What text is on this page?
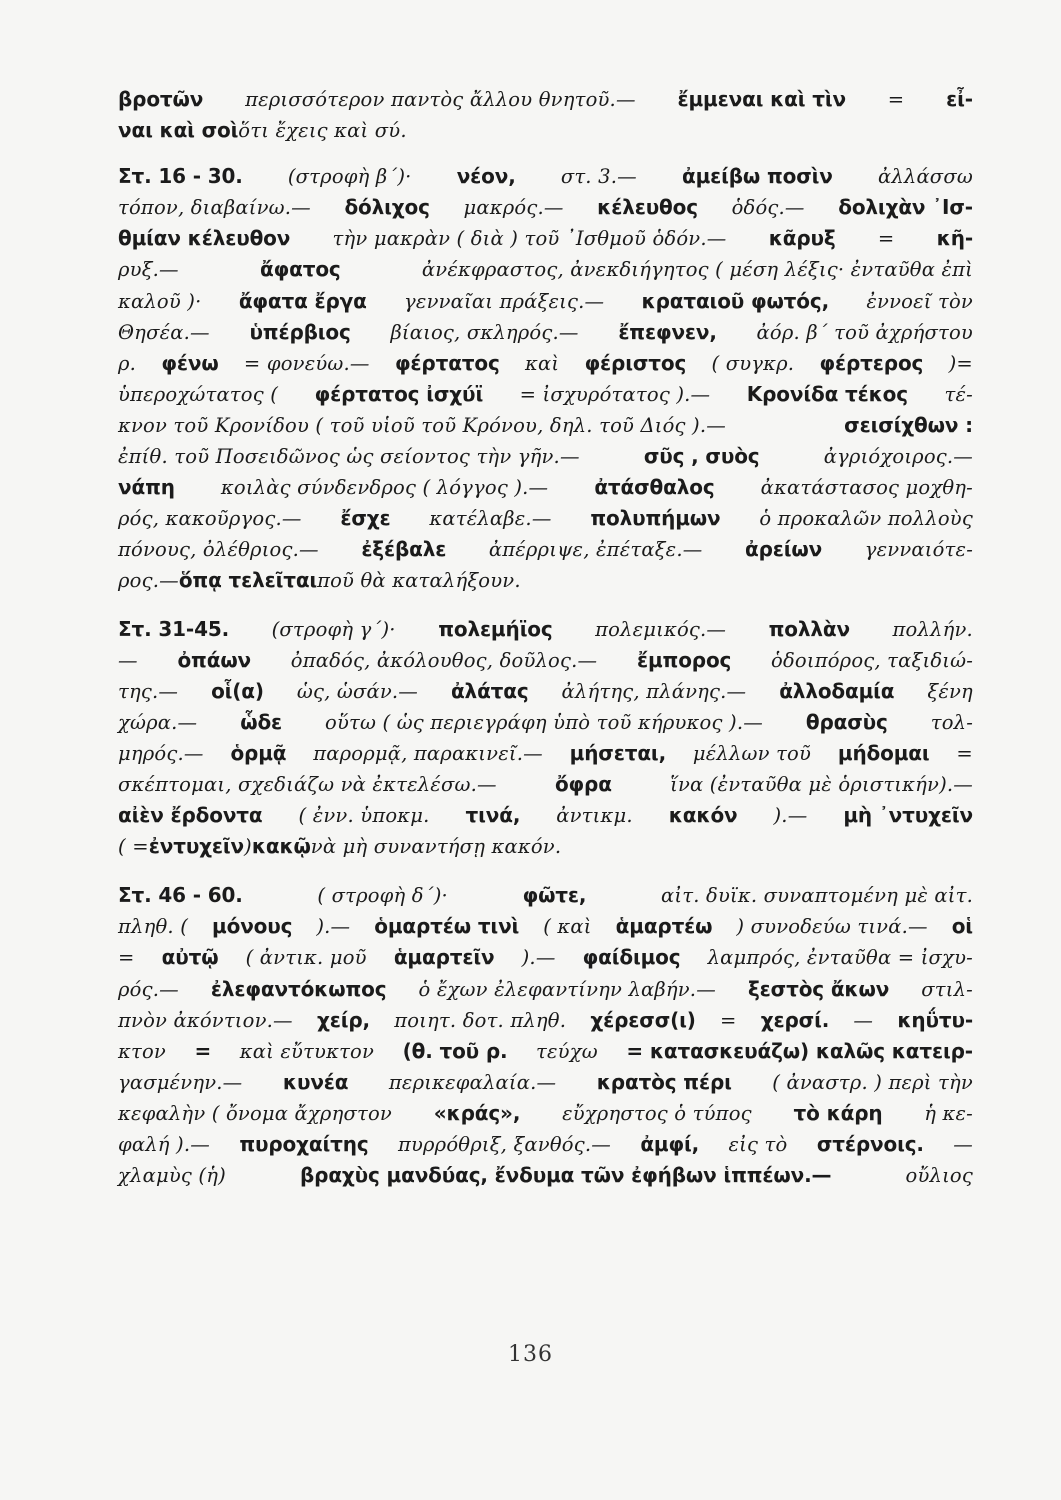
βροτῶν περισσότερον παντὸς ἄλλου θνητοῦ.— ἔμμεναι καὶ τὶν = εἶ-
ναι καὶ σοὶ ὅτι ἔχεις καὶ σύ.
Στ. 16 - 30. (στροφὴ β΄)· νέον, στ. 3.— ἀμείβω ποσὶν ἀλλάσσω
τόπον, διαβαίνω.— δόλιχος μακρός.— κέλευθος ὁδός.— δολιχὰν ᾽Ισ-
θμίαν κέλευθον τὴν μακρὰν ( διὰ ) τοῦ ᾽Ισθμοῦ ὁδόν.— κᾶρυξ = κῆ-
ρυξ.—	ἄφατος	ἀνέκφραστος, ἀνεκδιήγητος ( μέση λέξις· ἐνταῦθα ἐπὶ
καλοῦ )· ἄφατα ἔργα γενναῖαι πράξεις.— κραταιοῦ φωτός, ἐννοεῖ τὸν
Θησέα.— ὑπέρβιος βίαιος, σκληρός.— ἔπεφνεν, ἀόρ. β΄ τοῦ ἀχρήστου
ρ. φένω = φονεύω.— φέρτατος καὶ φέριστος ( συγκρ. φέρτερος )=
ὑπεροχώτατος ( φέρτατος ἰσχύϊ = ἰσχυρότατος ).— Κρονίδα τέκος τέ-
κνον τοῦ Κρονίδου ( τοῦ υἱοῦ τοῦ Κρόνου, δηλ. τοῦ Διός ).—	σεισίχθων :
ἐπίθ. τοῦ Ποσειδῶνος ὡς σείοντος τὴν γῆν.—	σῦς , συὸς	ἀγριόχοιρος.—
νάπη κοιλὰς σύνδενδρος ( λόγγος ).— ἀτάσθαλος ἀκατάστασος μοχθη-
ρός, κακοῦργος.— ἔσχε κατέλαβε.— πολυπήμων ὁ προκαλῶν πολλοὺς
πόνους, ὀλέθριος.— ἐξέβαλε ἀπέρριψε, ἐπέταξε.— ἀρείων γενναιότε-
ρος.— ὅπᾳ τελεῖται ποῦ θὰ καταλήξουν.
Στ. 31-45. (στροφὴ γ΄)· πολεμήϊος πολεμικός.— πολλὰν πολλήν.
— ὀπάων ὀπαδός, ἀκόλουθος, δοῦλος.— ἔμπορος ὁδοιπόρος, ταξιδιώ-
της.— οἷ(α) ὡς, ὡσάν.— ἀλάτας ἀλήτης, πλάνης.— ἀλλοδαμία ξένη
χώρα.— ὧδε οὕτω ( ὡς περιεγράφη ὑπὸ τοῦ κήρυκος ).— θρασὺς τολ-
μηρός.— ὁρμᾷ παρορμᾷ, παρακινεῖ.— μήσεται, μέλλων τοῦ μήδομαι =
σκέπτομαι, σχεδιάζω νὰ ἐκτελέσω.—	ὄφρα	ἵνα (ἐνταῦθα μὲ ὁριστικήν).—
αἰὲν ἔρδοντα ( ἐνν. ὑποκμ. τινά, ἀντικμ. κακόν ).— μὴ ᾽ντυχεῖν
( = ἐντυχεῖν ) κακῷ νὰ μὴ συναντήσῃ κακόν.
Στ. 46 - 60.	( στροφὴ δ΄)·	φῶτε,	αἰτ. δυϊκ. συναπτομένη μὲ αἰτ.
πληθ. ( μόνους ).— ὁμαρτέω τινὶ ( καὶ ἁμαρτέω ) συνοδεύω τινά.— οἱ
= αὐτῷ ( ἀντικ. μοῦ ἁμαρτεῖν ).— φαίδιμος λαμπρός, ἐνταῦθα = ἰσχυ-
ρός.— ἐλεφαντόκωπος ὁ ἔχων ἐλεφαντίνην λαβήν.— ξεστὸς ἄκων στιλ-
πνὸν ἀκόντιον.— χείρ, ποιητ. δοτ. πληθ. χέρεσσ(ι) = χερσί. — κηΰτυ-
κτον = καὶ εὔτυκτον (θ. τοῦ ρ. τεύχω = κατασκευάζω) καλῶς κατειρ-
γασμένην.— κυνέα περικεφαλαία.— κρατὸς πέρι ( ἀναστρ. ) περὶ τὴν
κεφαλὴν ( ὄνομα ἄχρηστον «κράς», εὔχρηστος ὁ τύπος τὸ κάρη ἡ κε-
φαλή ).— πυροχαίτης πυρρόθριξ, ξανθός.— ἀμφί, εἰς τὸ στέρνοις. —
χλαμὺς (ἡ)	βραχὺς μανδύας, ἔνδυμα τῶν ἐφήβων ἱππέων.—	οὔλιος
136
